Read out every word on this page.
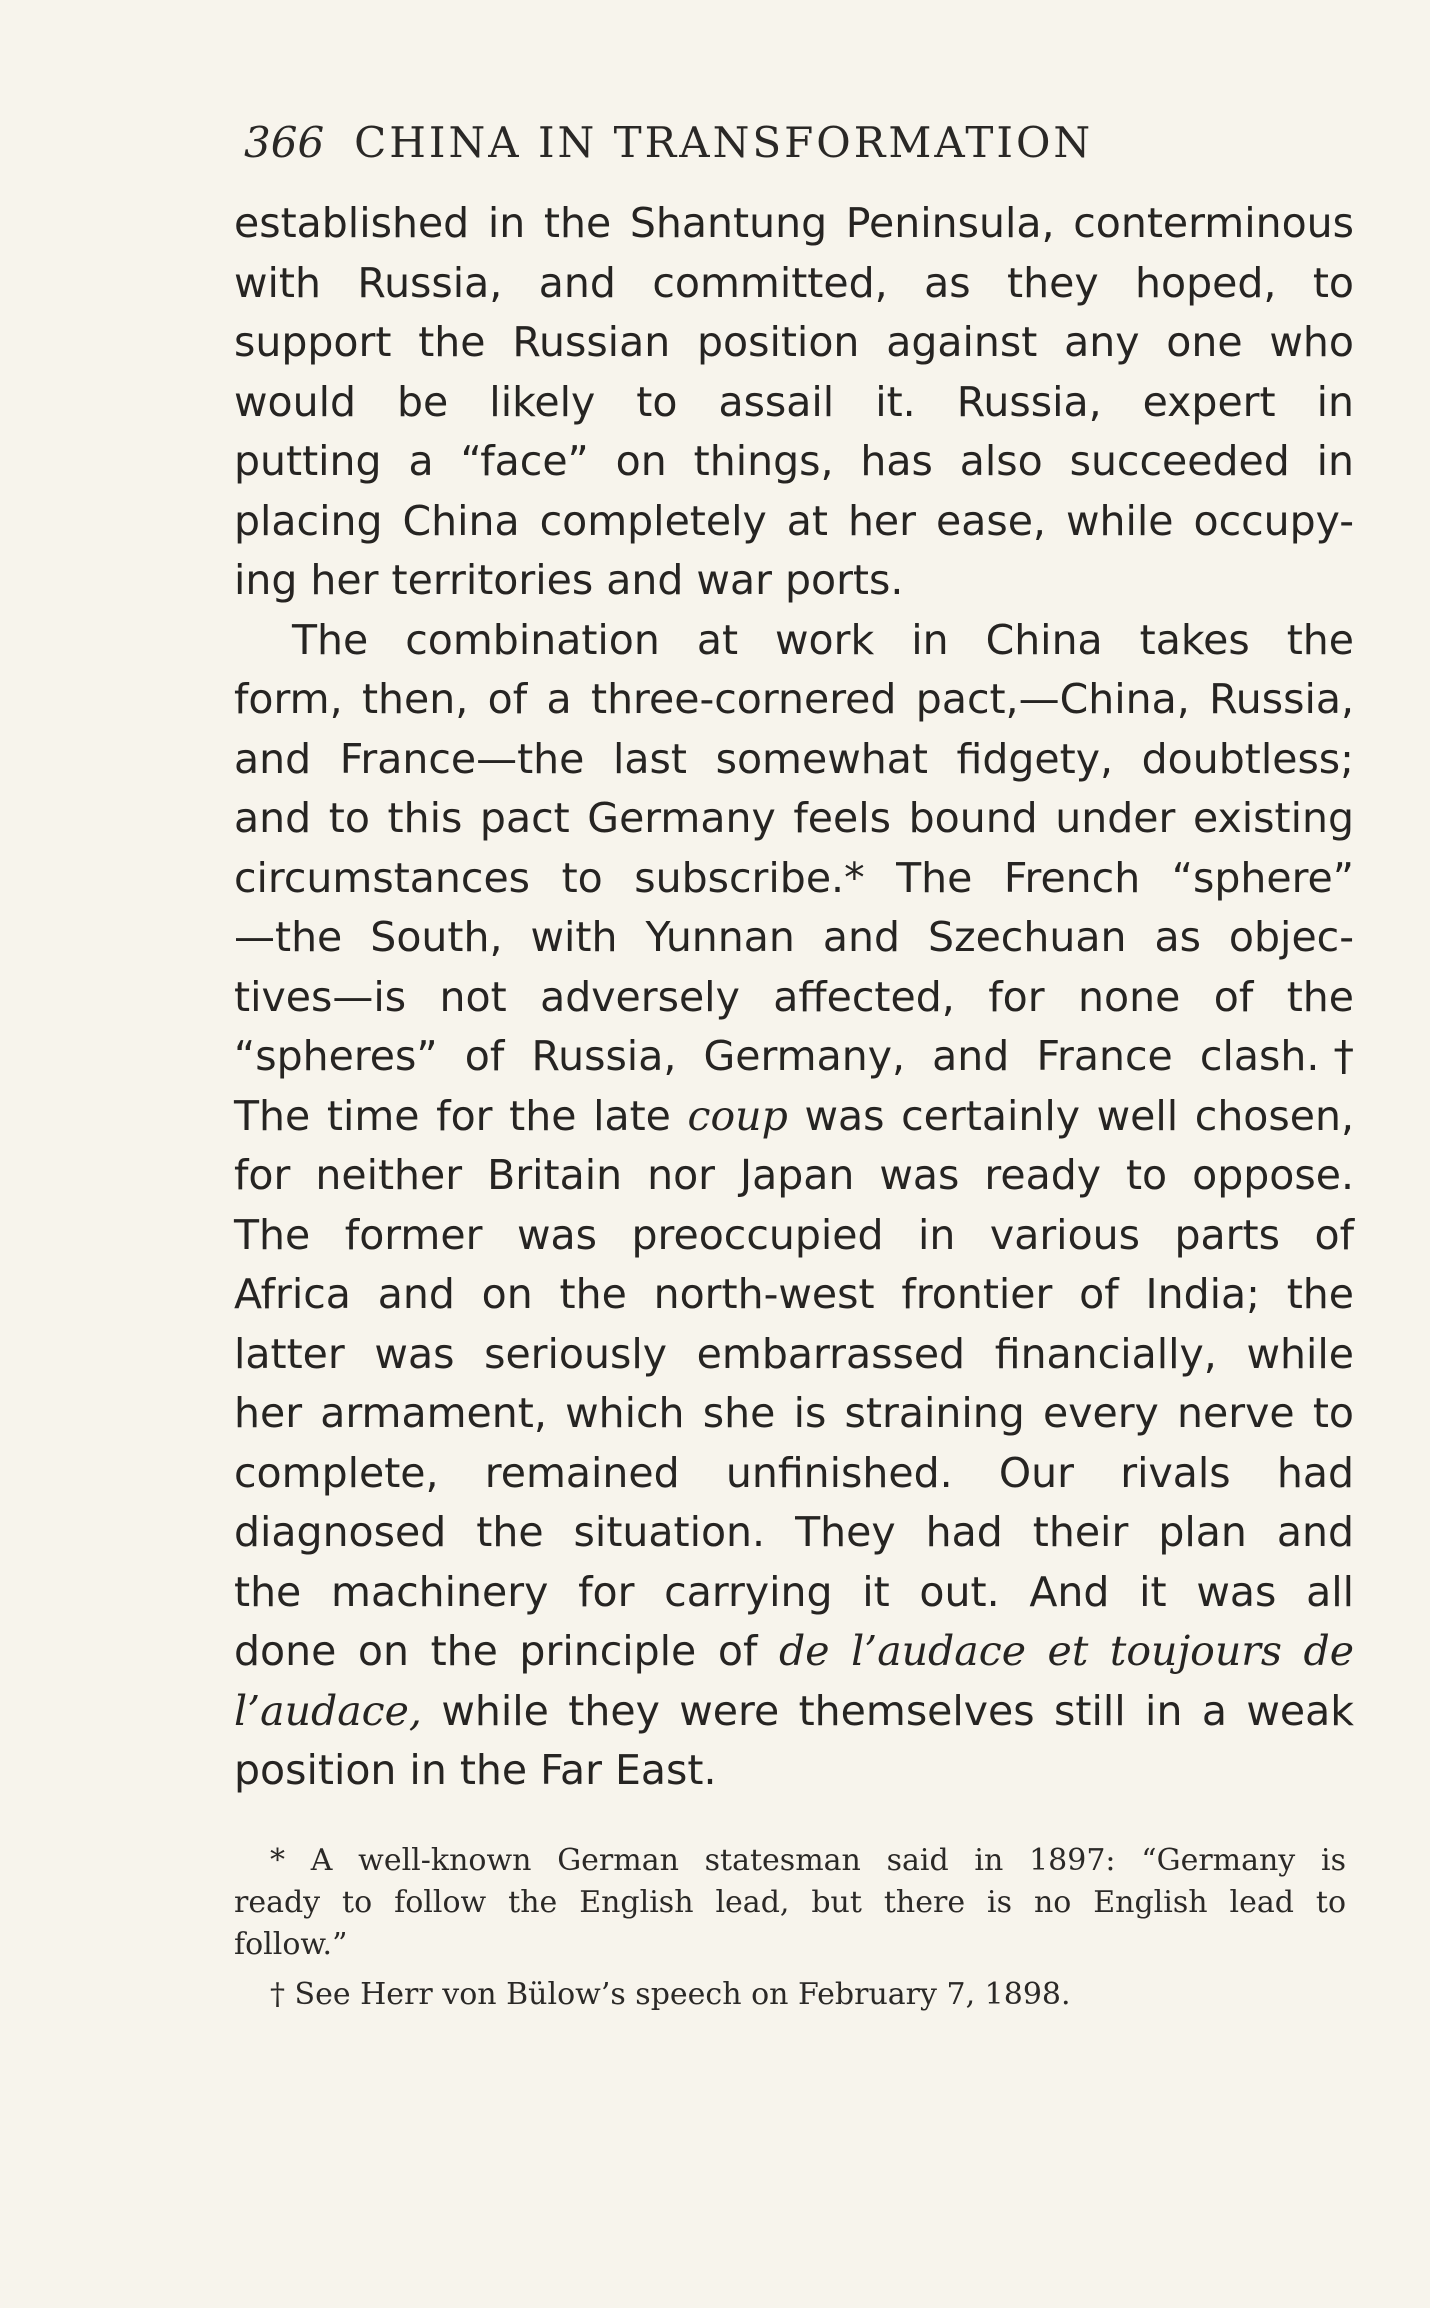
366 CHINA IN TRANSFORMATION
established in the Shantung Peninsula, conterminous
with Russia, and committed, as they hoped, to
support the Russian position against any one who
would be likely to assail it. Russia, expert in
putting a “face” on things, has also succeeded in
placing China completely at her ease, while occupy-
ing her territories and war ports.
The combination at work in China takes the
form, then, of a three-cornered pact,—China, Russia,
and France—the last somewhat fidgety, doubtless;
and to this pact Germany feels bound under existing
circumstances to subscribe.* The French “sphere”
—the South, with Yunnan and Szechuan as objec-
tives—is not adversely affected, for none of the
“spheres” of Russia, Germany, and France clash.†
The time for the late coup was certainly well chosen,
for neither Britain nor Japan was ready to oppose.
The former was preoccupied in various parts of
Africa and on the north-west frontier of India; the
latter was seriously embarrassed financially, while
her armament, which she is straining every nerve to
complete, remained unfinished. Our rivals had
diagnosed the situation. They had their plan and
the machinery for carrying it out. And it was all
done on the principle of de l’audace et toujours de
l’audace, while they were themselves still in a weak
position in the Far East.
* A well-known German statesman said in 1897: “Germany is
ready to follow the English lead, but there is no English lead to
follow.”
† See Herr von Bülow’s speech on February 7, 1898.
